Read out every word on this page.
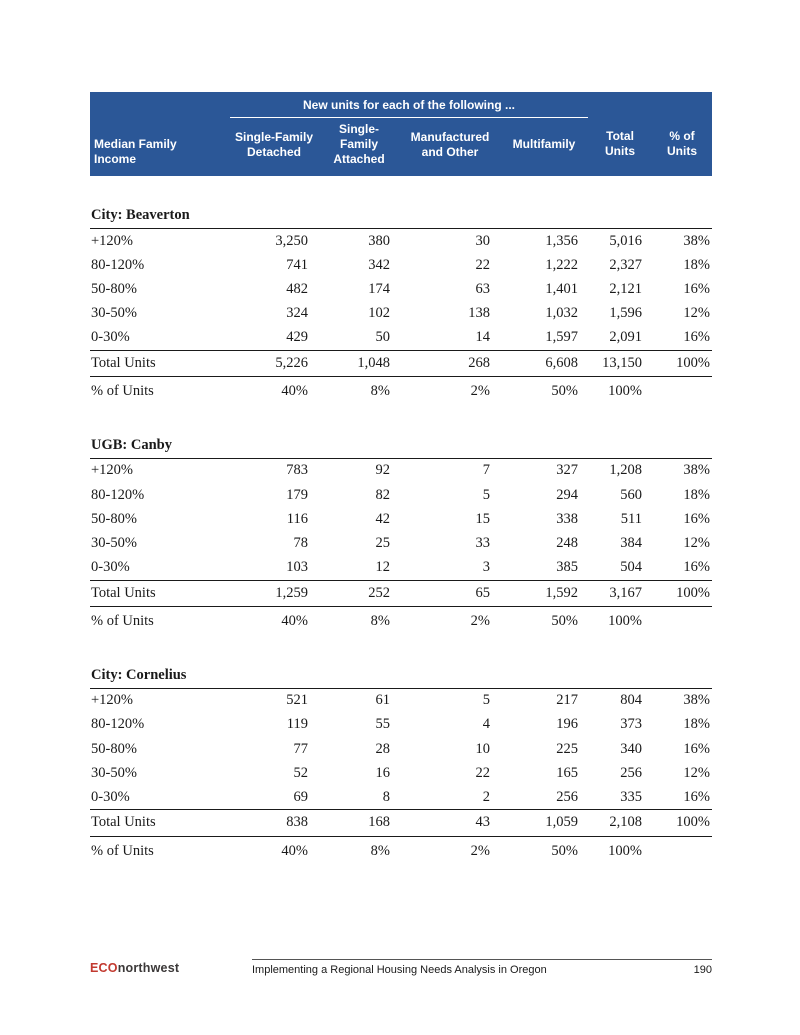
	New units for each of the following ...					

Median Family Income	Single-Family Detached	Single-Family Attached	Manufactured and Other	Multifamily	Total Units	% of Units

City: Beaverton						
+120%	3,250	380	30	1,356	5,016	38%
80-120%	741	342	22	1,222	2,327	18%
50-80%	482	174	63	1,401	2,121	16%
30-50%	324	102	138	1,032	1,596	12%
0-30%	429	50	14	1,597	2,091	16%
Total Units	5,226	1,048	268	6,608	13,150	100%
% of Units	40%	8%	2%	50%	100%	

UGB: Canby						
+120%	783	92	7	327	1,208	38%
80-120%	179	82	5	294	560	18%
50-80%	116	42	15	338	511	16%
30-50%	78	25	33	248	384	12%
0-30%	103	12	3	385	504	16%
Total Units	1,259	252	65	1,592	3,167	100%
% of Units	40%	8%	2%	50%	100%	

City: Cornelius						
+120%	521	61	5	217	804	38%
80-120%	119	55	4	196	373	18%
50-80%	77	28	10	225	340	16%
30-50%	52	16	22	165	256	12%
0-30%	69	8	2	256	335	16%
Total Units	838	168	43	1,059	2,108	100%
% of Units	40%	8%	2%	50%	100%	
ECOnorthwest	Implementing a Regional Housing Needs Analysis in Oregon	190
